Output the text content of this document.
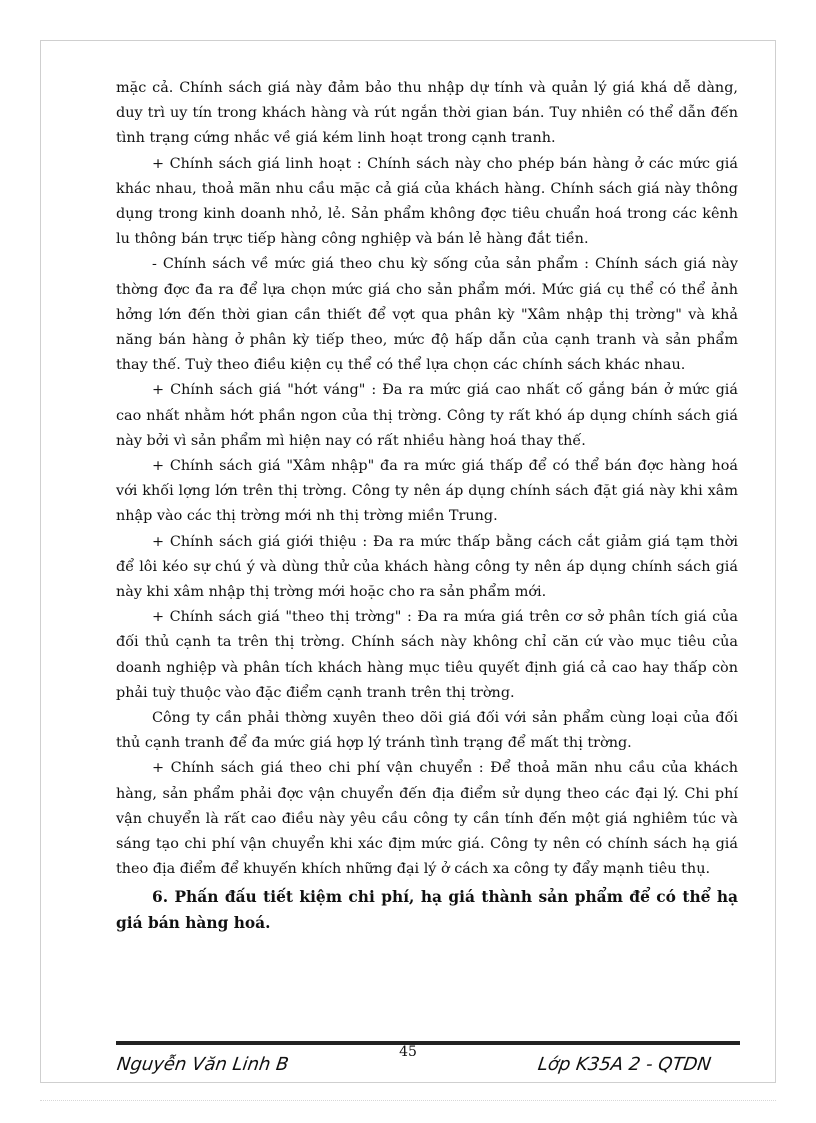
mặc cả. Chính sách giá này đảm bảo thu nhập dự tính và quản lý giá khá dễ dàng, duy trì uy tín trong khách hàng và rút ngắn thời gian bán. Tuy nhiên có thể dẫn đến tình trạng cứng nhắc về giá kém linh hoạt trong cạnh tranh.

+ Chính sách giá linh hoạt : Chính sách này cho phép bán hàng ở các mức giá khác nhau, thoả mãn nhu cầu mặc cả giá của khách hàng. Chính sách giá này thông dụng trong kinh doanh nhỏ, lẻ. Sản phẩm không đợc tiêu chuẩn hoá trong các kênh lu thông bán trực tiếp hàng công nghiệp và bán lẻ hàng đắt tiền.

- Chính sách về mức giá theo chu kỳ sống của sản phẩm : Chính sách giá này thờng đợc đa ra để lựa chọn mức giá cho sản phẩm mới. Mức giá cụ thể có thể ảnh hởng lớn đến thời gian cần thiết để vợt qua phân kỳ "Xâm nhập thị trờng" và khả năng bán hàng ở phân kỳ tiếp theo, mức độ hấp dẫn của cạnh tranh và sản phẩm thay thế. Tuỳ theo điều kiện cụ thể có thể lựa chọn các chính sách khác nhau.

+ Chính sách giá "hớt váng" : Đa ra mức giá cao nhất cố gắng bán ở mức giá cao nhất nhằm hớt phần ngon của thị trờng. Công ty rất khó áp dụng chính sách giá này bởi vì sản phẩm mì hiện nay có rất nhiều hàng hoá thay thế.

+ Chính sách giá "Xâm nhập" đa ra mức giá thấp để có thể bán đợc hàng hoá với khối lợng lớn trên thị trờng. Công ty nên áp dụng chính sách đặt giá này khi xâm nhập vào các thị trờng mới nh thị trờng miền Trung.

+ Chính sách giá giới thiệu : Đa ra mức thấp bằng cách cắt giảm giá tạm thời để lôi kéo sự chú ý và dùng thử của khách hàng công ty nên áp dụng chính sách giá này khi xâm nhập thị trờng mới hoặc cho ra sản phẩm mới.

+ Chính sách giá "theo thị trờng" : Đa ra mứa giá trên cơ sở phân tích giá của đối thủ cạnh ta trên thị trờng. Chính sách này không chỉ căn cứ vào mục tiêu của doanh nghiệp và phân tích khách hàng mục tiêu quyết định giá cả cao hay thấp còn phải tuỳ thuộc vào đặc điểm cạnh tranh trên thị trờng.

Công ty cần phải thờng xuyên theo dõi giá đối với sản phẩm cùng loại của đối thủ cạnh tranh để đa mức giá hợp lý tránh tình trạng để mất thị trờng.

+ Chính sách giá theo chi phí vận chuyển : Để thoả mãn nhu cầu của khách hàng, sản phẩm phải đợc vận chuyển đến địa điểm sử dụng theo các đại lý. Chi phí vận chuyển là rất cao điều này yêu cầu công ty cần tính đến một giá nghiêm túc và sáng tạo chi phí vận chuyển khi xác địm mức giá. Công ty nên có chính sách hạ giá theo địa điểm để khuyến khích những đại lý ở cách xa công ty đẩy mạnh tiêu thụ.

6. Phấn đấu tiết kiệm chi phí, hạ giá thành sản phẩm để có thể hạ giá bán hàng hoá.

45
Nguyễn Văn Linh B	Lớp K35A 2 - QTDN
